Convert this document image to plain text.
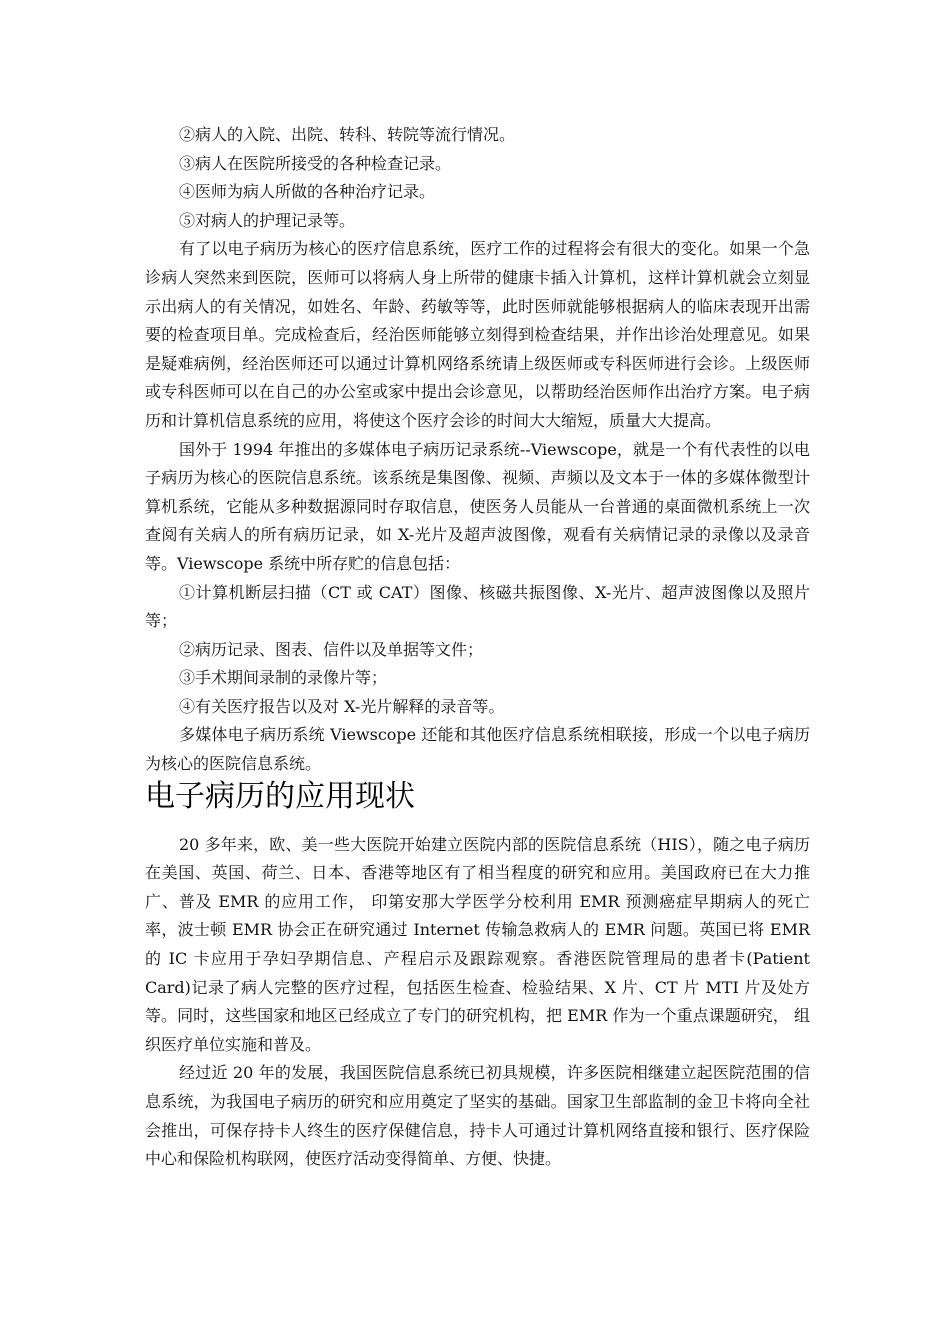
②病人的入院、出院、转科、转院等流行情况。

③病人在医院所接受的各种检查记录。

④医师为病人所做的各种治疗记录。

⑤对病人的护理记录等。

有了以电子病历为核心的医疗信息系统，医疗工作的过程将会有很大的变化。如果一个急诊病人突然来到医院，医师可以将病人身上所带的健康卡插入计算机，这样计算机就会立刻显示出病人的有关情况，如姓名、年龄、药敏等等，此时医师就能够根据病人的临床表现开出需要的检查项目单。完成检查后，经治医师能够立刻得到检查结果，并作出诊治处理意见。如果是疑难病例，经治医师还可以通过计算机网络系统请上级医师或专科医师进行会诊。上级医师或专科医师可以在自己的办公室或家中提出会诊意见，以帮助经治医师作出治疗方案。电子病历和计算机信息系统的应用，将使这个医疗会诊的时间大大缩短，质量大大提高。

国外于 1994 年推出的多媒体电子病历记录系统--Viewscope，就是一个有代表性的以电子病历为核心的医院信息系统。该系统是集图像、视频、声频以及文本于一体的多媒体微型计算机系统，它能从多种数据源同时存取信息，使医务人员能从一台普通的桌面微机系统上一次查阅有关病人的所有病历记录，如 X-光片及超声波图像，观看有关病情记录的录像以及录音等。Viewscope 系统中所存贮的信息包括：

①计算机断层扫描（CT 或 CAT）图像、核磁共振图像、X-光片、超声波图像以及照片等；

②病历记录、图表、信件以及单据等文件；

③手术期间录制的录像片等；

④有关医疗报告以及对 X-光片解释的录音等。

多媒体电子病历系统 Viewscope 还能和其他医疗信息系统相联接，形成一个以电子病历为核心的医院信息系统。

电子病历的应用现状

20 多年来，欧、美一些大医院开始建立医院内部的医院信息系统（HIS），随之电子病历在美国、英国、荷兰、日本、香港等地区有了相当程度的研究和应用。美国政府已在大力推广、普及 EMR 的应用工作， 印第安那大学医学分校利用 EMR 预测癌症早期病人的死亡率，波士顿 EMR 协会正在研究通过 Internet 传输急救病人的 EMR 问题。英国已将 EMR 的 IC 卡应用于孕妇孕期信息、产程启示及跟踪观察。香港医院管理局的患者卡(Patient Card)记录了病人完整的医疗过程，包括医生检查、检验结果、X 片、CT 片 MTI 片及处方等。同时，这些国家和地区已经成立了专门的研究机构，把 EMR 作为一个重点课题研究， 组织医疗单位实施和普及。

经过近 20 年的发展，我国医院信息系统已初具规模，许多医院相继建立起医院范围的信息系统，为我国电子病历的研究和应用奠定了坚实的基础。国家卫生部监制的金卫卡将向全社会推出，可保存持卡人终生的医疗保健信息，持卡人可通过计算机网络直接和银行、医疗保险中心和保险机构联网，使医疗活动变得简单、方便、快捷。
